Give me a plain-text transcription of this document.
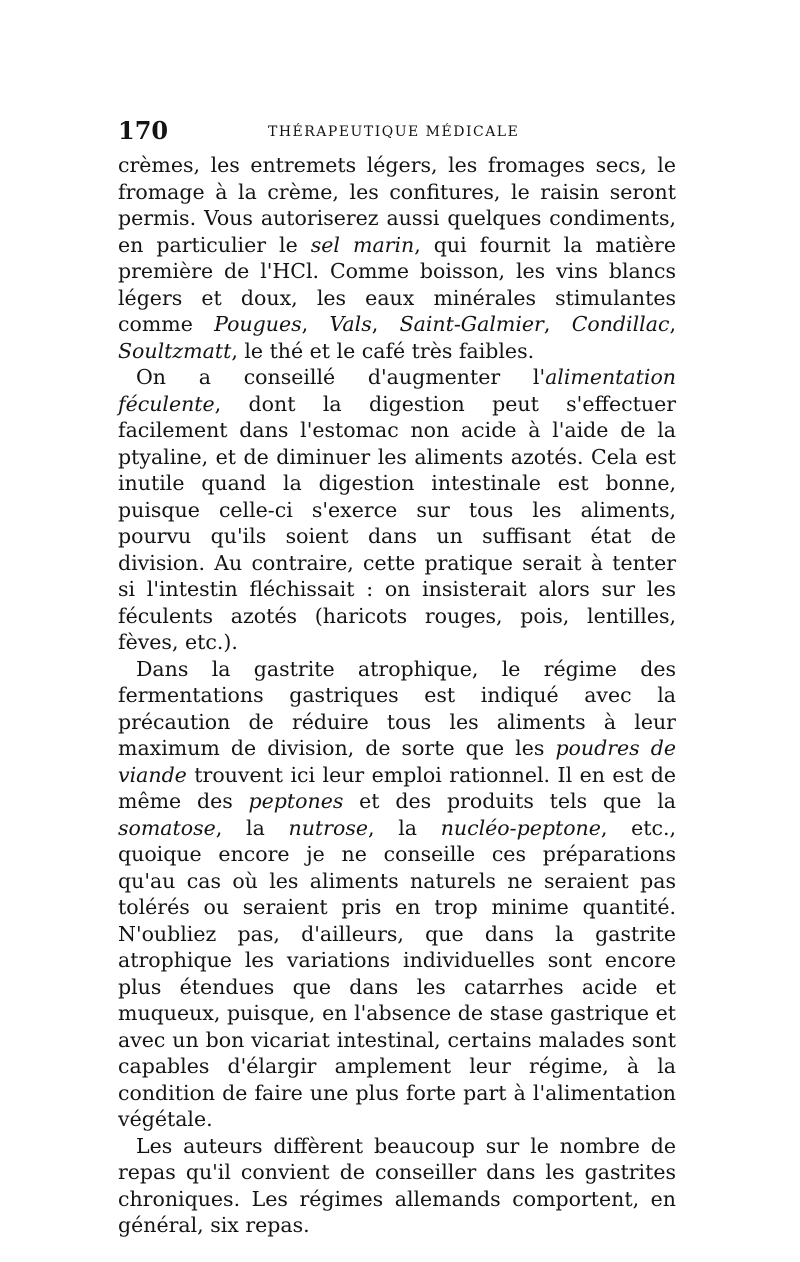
170	THÉRAPEUTIQUE MÉDICALE

crèmes, les entremets légers, les fromages secs, le fromage à la crème, les confitures, le raisin seront permis. Vous autoriserez aussi quelques condiments, en particulier le sel marin, qui fournit la matière première de l'HCl. Comme boisson, les vins blancs légers et doux, les eaux minérales stimulantes comme Pougues, Vals, Saint-Galmier, Condillac, Soultzmatt, le thé et le café très faibles.

On a conseillé d'augmenter l'alimentation féculente, dont la digestion peut s'effectuer facilement dans l'estomac non acide à l'aide de la ptyaline, et de diminuer les aliments azotés. Cela est inutile quand la digestion intestinale est bonne, puisque celle-ci s'exerce sur tous les aliments, pourvu qu'ils soient dans un suffisant état de division. Au contraire, cette pratique serait à tenter si l'intestin fléchissait : on insisterait alors sur les féculents azotés (haricots rouges, pois, lentilles, fèves, etc.).

Dans la gastrite atrophique, le régime des fermentations gastriques est indiqué avec la précaution de réduire tous les aliments à leur maximum de division, de sorte que les poudres de viande trouvent ici leur emploi rationnel. Il en est de même des peptones et des produits tels que la somatose, la nutrose, la nucléo-peptone, etc., quoique encore je ne conseille ces préparations qu'au cas où les aliments naturels ne seraient pas tolérés ou seraient pris en trop minime quantité. N'oubliez pas, d'ailleurs, que dans la gastrite atrophique les variations individuelles sont encore plus étendues que dans les catarrhes acide et muqueux, puisque, en l'absence de stase gastrique et avec un bon vicariat intestinal, certains malades sont capables d'élargir amplement leur régime, à la condition de faire une plus forte part à l'alimentation végétale.

Les auteurs diffèrent beaucoup sur le nombre de repas qu'il convient de conseiller dans les gastrites chroniques. Les régimes allemands comportent, en général, six repas.
